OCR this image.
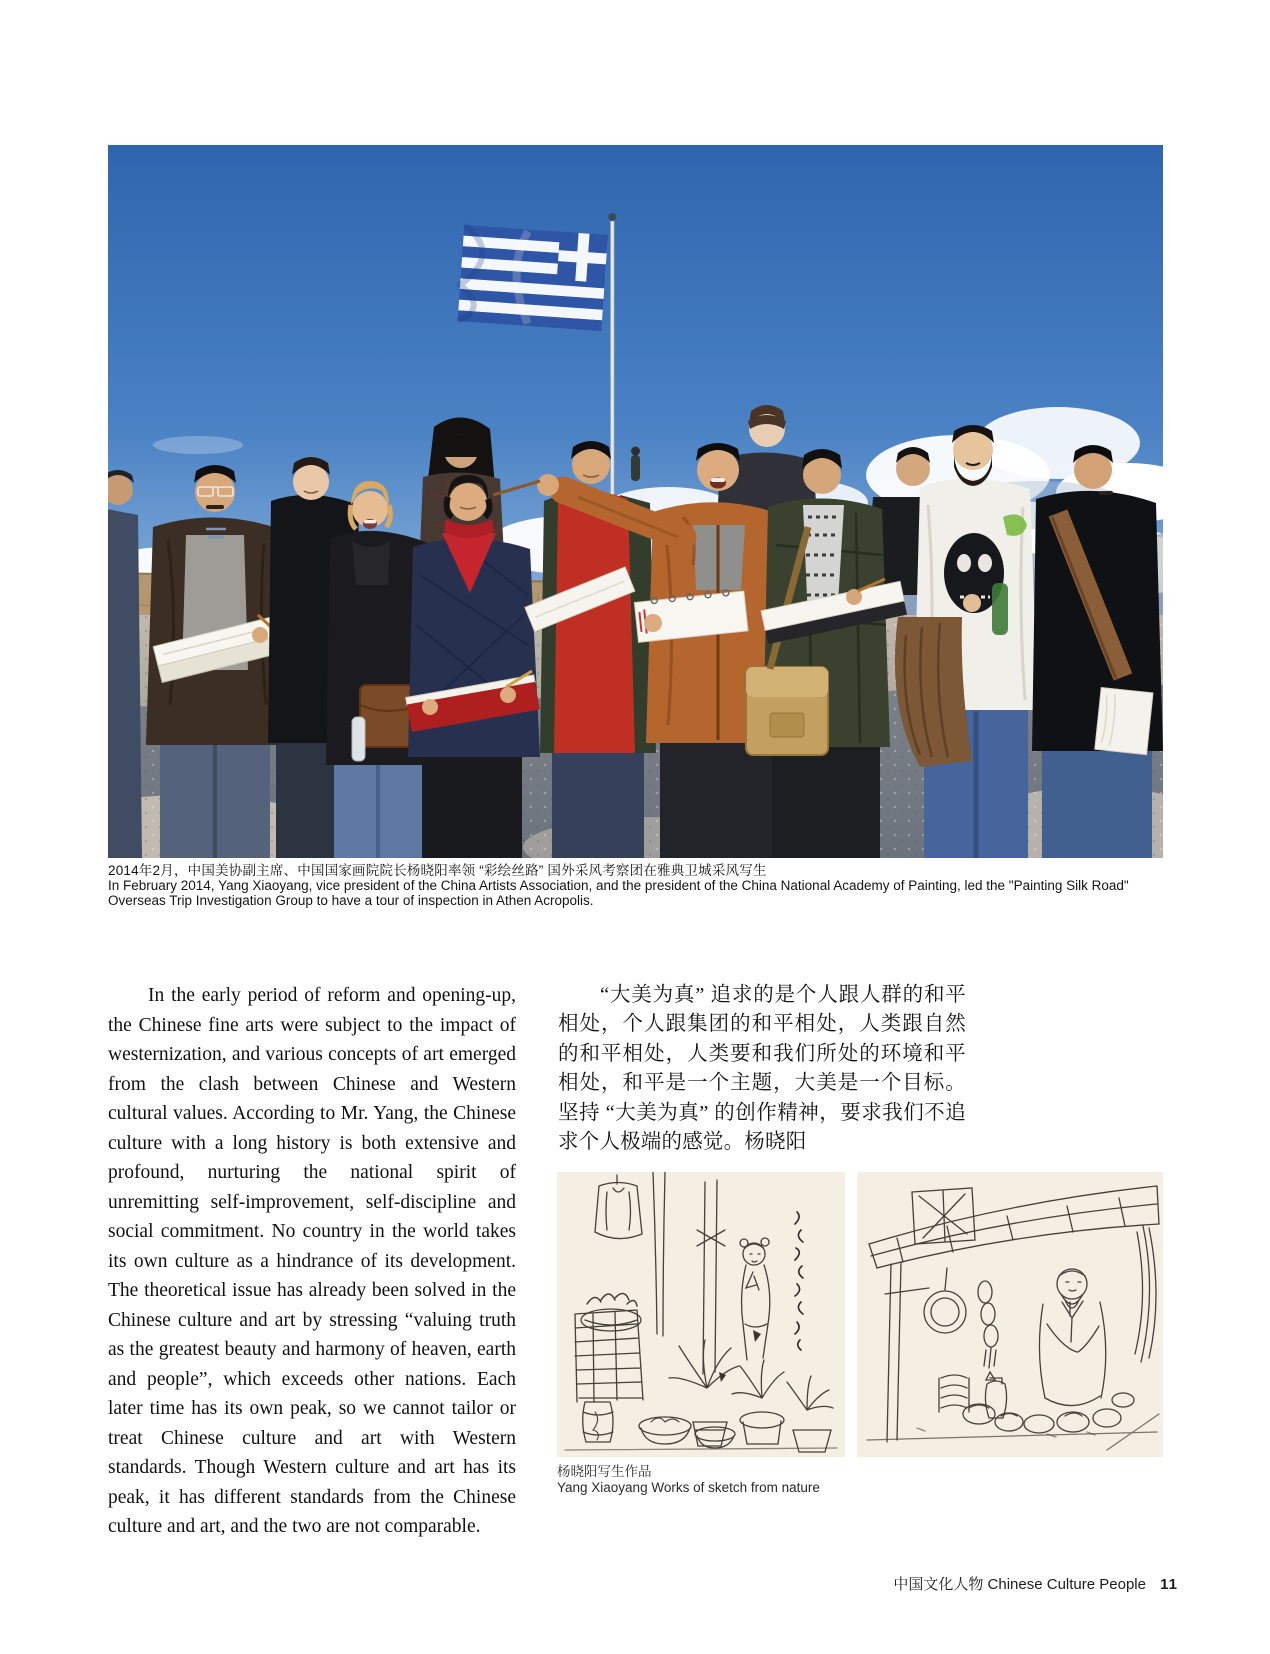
2014年2月，中国美协副主席、中国国家画院院长杨晓阳率领 “彩绘丝路” 国外采风考察团在雅典卫城采风写生
In February 2014, Yang Xiaoyang, vice president of the China Artists Association, and the president of the China National Academy of Painting, led the "Painting Silk Road"
Overseas Trip Investigation Group to have a tour of inspection in Athen Acropolis.
In the early period of reform and opening-up, the Chinese fine arts were subject to the impact of westernization, and various concepts of art emerged from the clash between Chinese and Western cultural values. According to Mr. Yang, the Chinese culture with a long history is both extensive and profound, nurturing the national spirit of unremitting self-improvement, self-discipline and social commitment. No country in the world takes its own culture as a hindrance of its development. The theoretical issue has already been solved in the Chinese culture and art by stressing “valuing truth as the greatest beauty and harmony of heaven, earth and people”, which exceeds other nations. Each later time has its own peak, so we cannot tailor or treat Chinese culture and art with Western standards. Though Western culture and art has its peak, it has different standards from the Chinese culture and art, and the two are not comparable.
“大美为真” 追求的是个人跟人群的和平相处，个人跟集团的和平相处，人类跟自然的和平相处，人类要和我们所处的环境和平相处，和平是一个主题，大美是一个目标。坚持 “大美为真” 的创作精神，要求我们不追求个人极端的感觉。杨晓阳
杨晓阳写生作品
Yang Xiaoyang Works of sketch from nature
中国文化人物 Chinese Culture People 11
